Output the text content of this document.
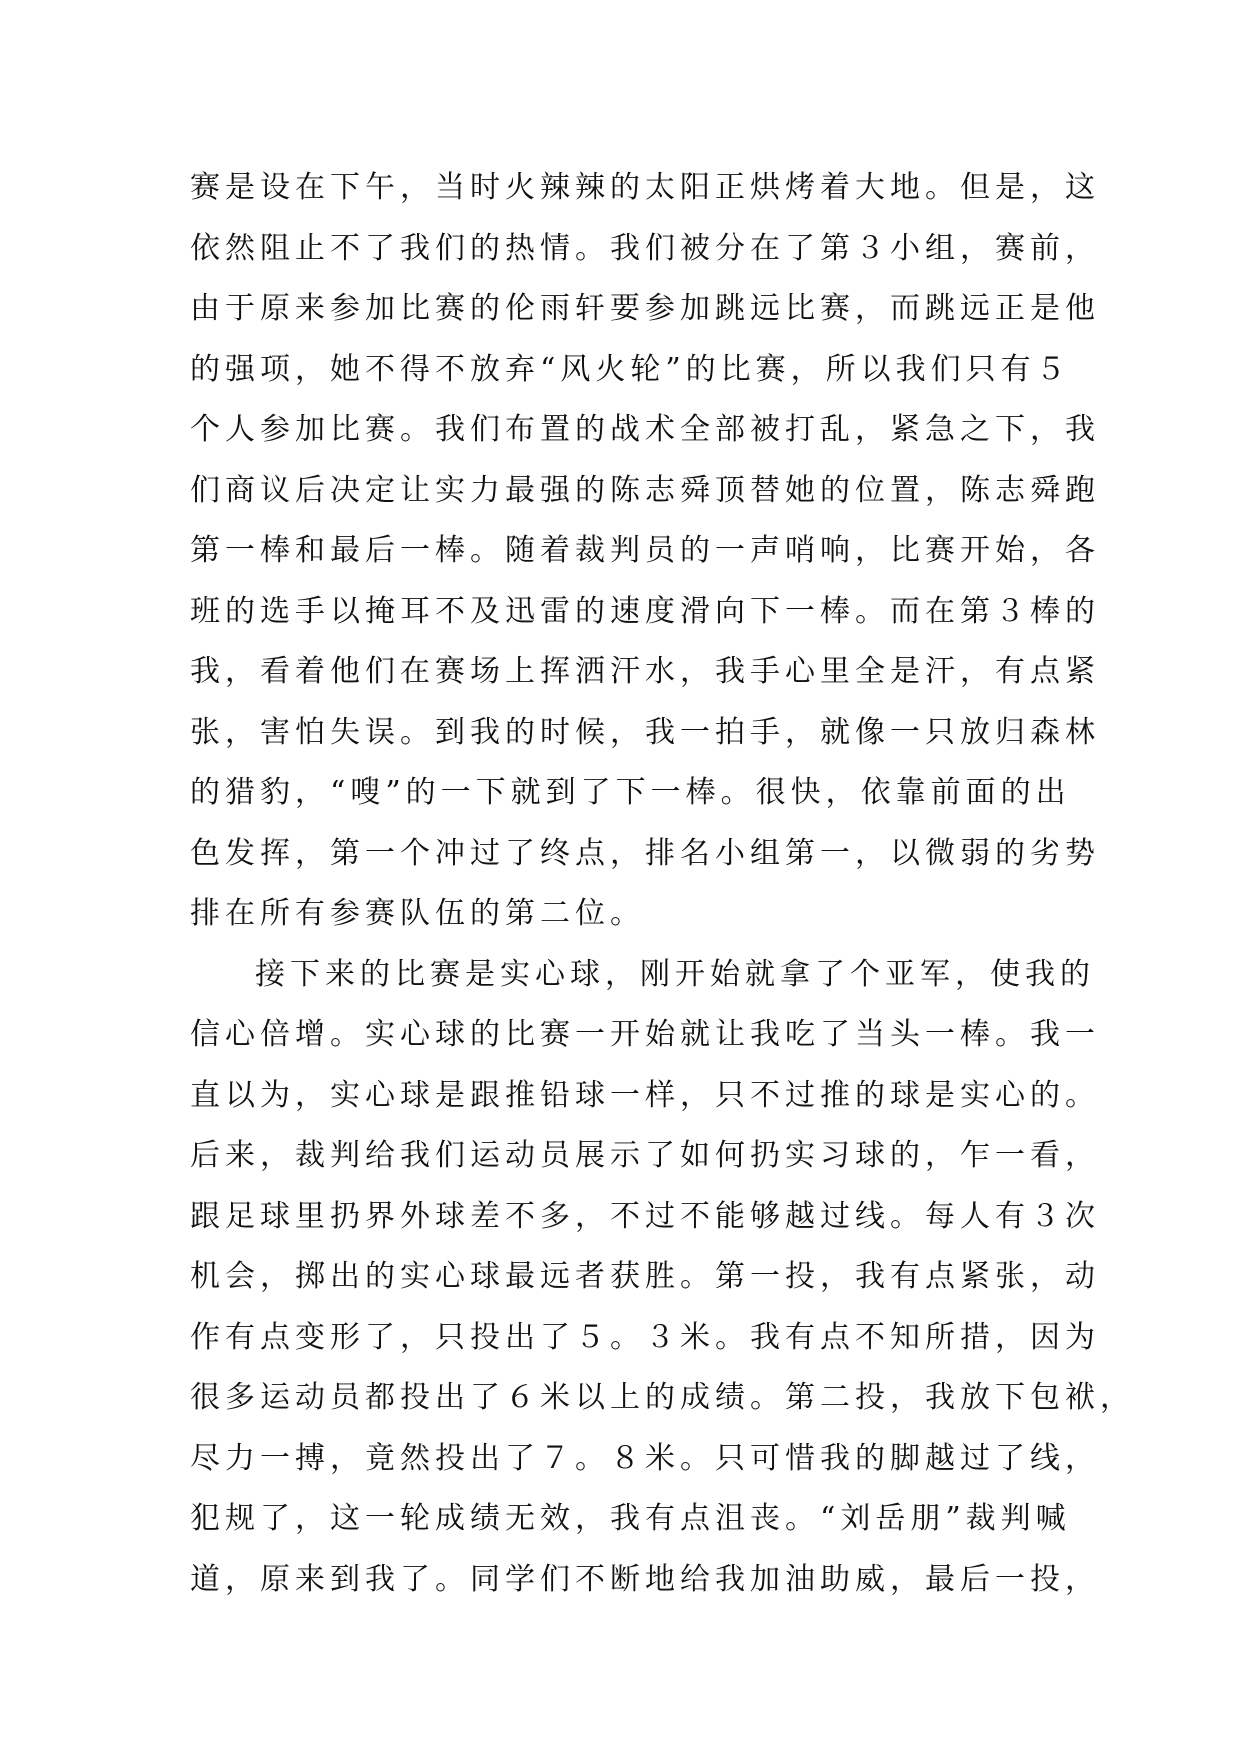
赛是设在下午，当时火辣辣的太阳正烘烤着大地。但是，这
依然阻止不了我们的热情。我们被分在了第３小组，赛前，
由于原来参加比赛的伦雨轩要参加跳远比赛，而跳远正是他
的强项，她不得不放弃“风火轮”的比赛，所以我们只有５
个人参加比赛。我们布置的战术全部被打乱，紧急之下，我
们商议后决定让实力最强的陈志舜顶替她的位置，陈志舜跑
第一棒和最后一棒。随着裁判员的一声哨响，比赛开始，各
班的选手以掩耳不及迅雷的速度滑向下一棒。而在第３棒的
我，看着他们在赛场上挥洒汗水，我手心里全是汗，有点紧
张，害怕失误。到我的时候，我一拍手，就像一只放归森林
的猎豹，“嗖”的一下就到了下一棒。很快，依靠前面的出
色发挥，第一个冲过了终点，排名小组第一，以微弱的劣势
排在所有参赛队伍的第二位。
接下来的比赛是实心球，刚开始就拿了个亚军，使我的
信心倍增。实心球的比赛一开始就让我吃了当头一棒。我一
直以为，实心球是跟推铅球一样，只不过推的球是实心的。
后来，裁判给我们运动员展示了如何扔实习球的，乍一看，
跟足球里扔界外球差不多，不过不能够越过线。每人有３次
机会，掷出的实心球最远者获胜。第一投，我有点紧张，动
作有点变形了，只投出了５。３米。我有点不知所措，因为
很多运动员都投出了６米以上的成绩。第二投，我放下包袱，
尽力一搏，竟然投出了７。８米。只可惜我的脚越过了线，
犯规了，这一轮成绩无效，我有点沮丧。“刘岳朋”裁判喊
道，原来到我了。同学们不断地给我加油助威，最后一投，
